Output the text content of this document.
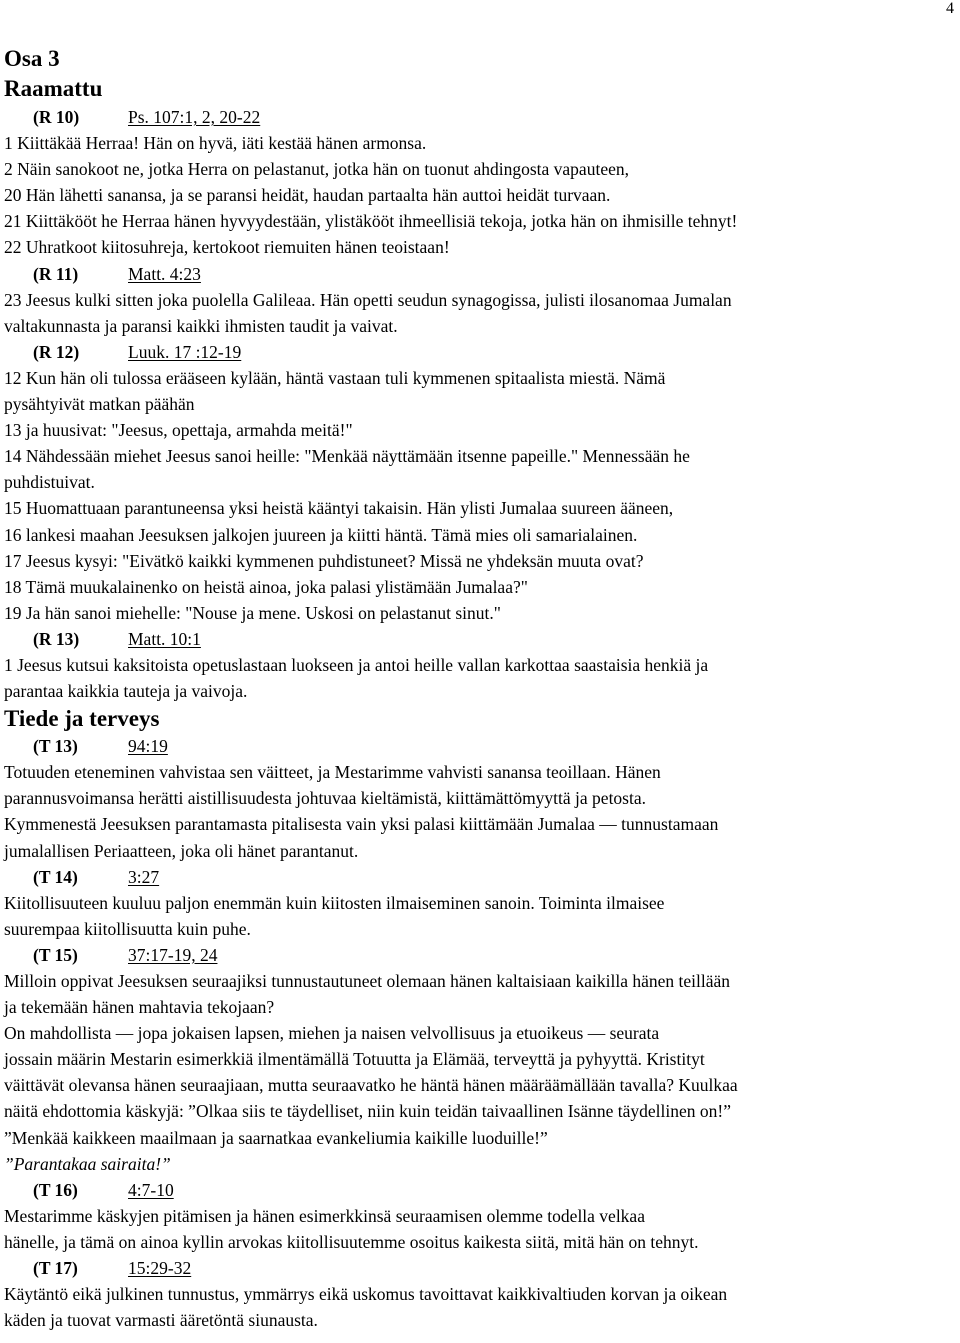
4
Osa 3
Raamattu
(R 10)	Ps. 107:1, 2, 20-22
1 Kiittäkää Herraa! Hän on hyvä, iäti kestää hänen armonsa.
2 Näin sanokoot ne, jotka Herra on pelastanut, jotka hän on tuonut ahdingosta vapauteen,
20 Hän lähetti sanansa, ja se paransi heidät, haudan partaalta hän auttoi heidät turvaan.
21 Kiittäkööt he Herraa hänen hyvyydestään, ylistäkööt ihmeellisiä tekoja, jotka hän on ihmisille tehnyt!
22 Uhratkoot kiitosuhreja, kertokoot riemuiten hänen teoistaan!
(R 11)	Matt. 4:23
23 Jeesus kulki sitten joka puolella Galileaa. Hän opetti seudun synagogissa, julisti ilosanomaa Jumalan
valtakunnasta ja paransi kaikki ihmisten taudit ja vaivat.
(R 12)	Luuk. 17 :12-19
12 Kun hän oli tulossa erääseen kylään, häntä vastaan tuli kymmenen spitaalista miestä. Nämä
pysähtyivät matkan päähän
13 ja huusivat: "Jeesus, opettaja, armahda meitä!"
14 Nähdessään miehet Jeesus sanoi heille: "Menkää näyttämään itsenne papeille." Mennessään he
puhdistuivat.
15 Huomattuaan parantuneensa yksi heistä kääntyi takaisin. Hän ylisti Jumalaa suureen ääneen,
16 lankesi maahan Jeesuksen jalkojen juureen ja kiitti häntä. Tämä mies oli samarialainen.
17 Jeesus kysyi: "Eivätkö kaikki kymmenen puhdistuneet? Missä ne yhdeksän muuta ovat?
18 Tämä muukalainenko on heistä ainoa, joka palasi ylistämään Jumalaa?"
19 Ja hän sanoi miehelle: "Nouse ja mene. Uskosi on pelastanut sinut."
(R 13)	Matt. 10:1
1 Jeesus kutsui kaksitoista opetuslastaan luokseen ja antoi heille vallan karkottaa saastaisia henkiä ja
parantaa kaikkia tauteja ja vaivoja.
Tiede ja terveys
(T 13)	94:19
Totuuden eteneminen vahvistaa sen väitteet, ja Mestarimme vahvisti sanansa teoillaan. Hänen
parannusvoimansa herätti aistillisuudesta johtuvaa kieltämistä, kiittämättömyyttä ja petosta.
Kymmenestä Jeesuksen parantamasta pitalisesta vain yksi palasi kiittämään Jumalaa — tunnustamaan
jumalallisen Periaatteen, joka oli hänet parantanut.
(T 14)	3:27
Kiitollisuuteen kuuluu paljon enemmän kuin kiitosten ilmaiseminen sanoin. Toiminta ilmaisee
suurempaa kiitollisuutta kuin puhe.
(T 15)	37:17-19, 24
Milloin oppivat Jeesuksen seuraajiksi tunnustautuneet olemaan hänen kaltaisiaan kaikilla hänen teillään
ja tekemään hänen mahtavia tekojaan?
On mahdollista — jopa jokaisen lapsen, miehen ja naisen velvollisuus ja etuoikeus — seurata
jossain määrin Mestarin esimerkkiä ilmentämällä Totuutta ja Elämää, terveyttä ja pyhyyttä. Kristityt
väittävät olevansa hänen seuraajiaan, mutta seuraavatko he häntä hänen määräämällään tavalla? Kuulkaa
näitä ehdottomia käskyjä: ”Olkaa siis te täydelliset, niin kuin teidän taivaallinen Isänne täydellinen on!”
”Menkää kaikkeen maailmaan ja saarnatkaa evankeliumia kaikille luoduille!”
”Parantakaa sairaita!”
(T 16)	4:7-10
Mestarimme käskyjen pitämisen ja hänen esimerkkinsä seuraamisen olemme todella velkaa
hänelle, ja tämä on ainoa kyllin arvokas kiitollisuutemme osoitus kaikesta siitä, mitä hän on tehnyt.
(T 17)	15:29-32
Käytäntö eikä julkinen tunnustus, ymmärrys eikä uskomus tavoittavat kaikkivaltiuden korvan ja oikean
käden ja tuovat varmasti ääretöntä siunausta.
